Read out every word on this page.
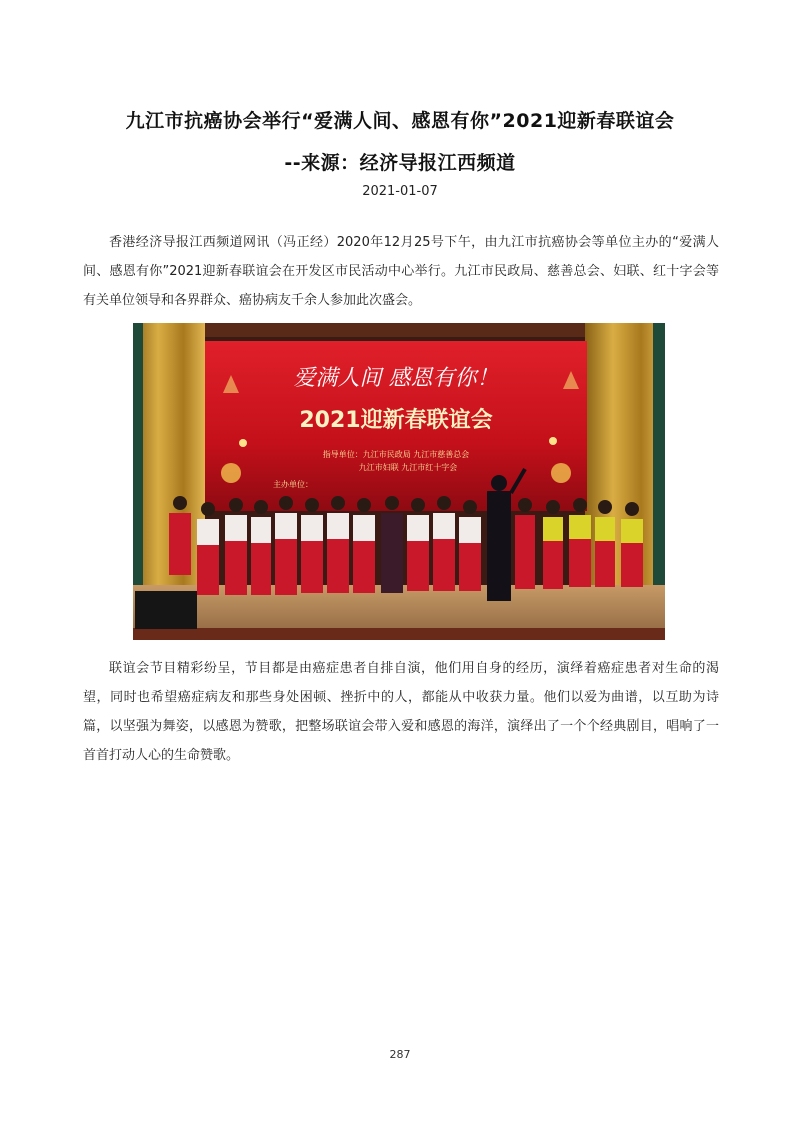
九江市抗癌协会举行“爱满人间、感恩有你”2021迎新春联谊会
--来源：经济导报江西频道
2021-01-07
香港经济导报江西频道网讯（冯正经）2020年12月25号下午，由九江市抗癌协会等单位主办的“爱满人间、感恩有你”2021迎新春联谊会在开发区市民活动中心举行。九江市民政局、慈善总会、妇联、红十字会等有关单位领导和各界群众、癌协病友千余人参加此次盛会。
爱满人间 感恩有你！
2021迎新春联谊会
指导单位：九江市民政局 九江市慈善总会
九江市妇联 九江市红十字会
主办单位：
联谊会节目精彩纷呈，节目都是由癌症患者自排自演，他们用自身的经历，演绎着癌症患者对生命的渴望，同时也希望癌症病友和那些身处困顿、挫折中的人，都能从中收获力量。他们以爱为曲谱，以互助为诗篇，以坚强为舞姿，以感恩为赞歌，把整场联谊会带入爱和感恩的海洋，演绎出了一个个经典剧目，唱响了一首首打动人心的生命赞歌。
287
